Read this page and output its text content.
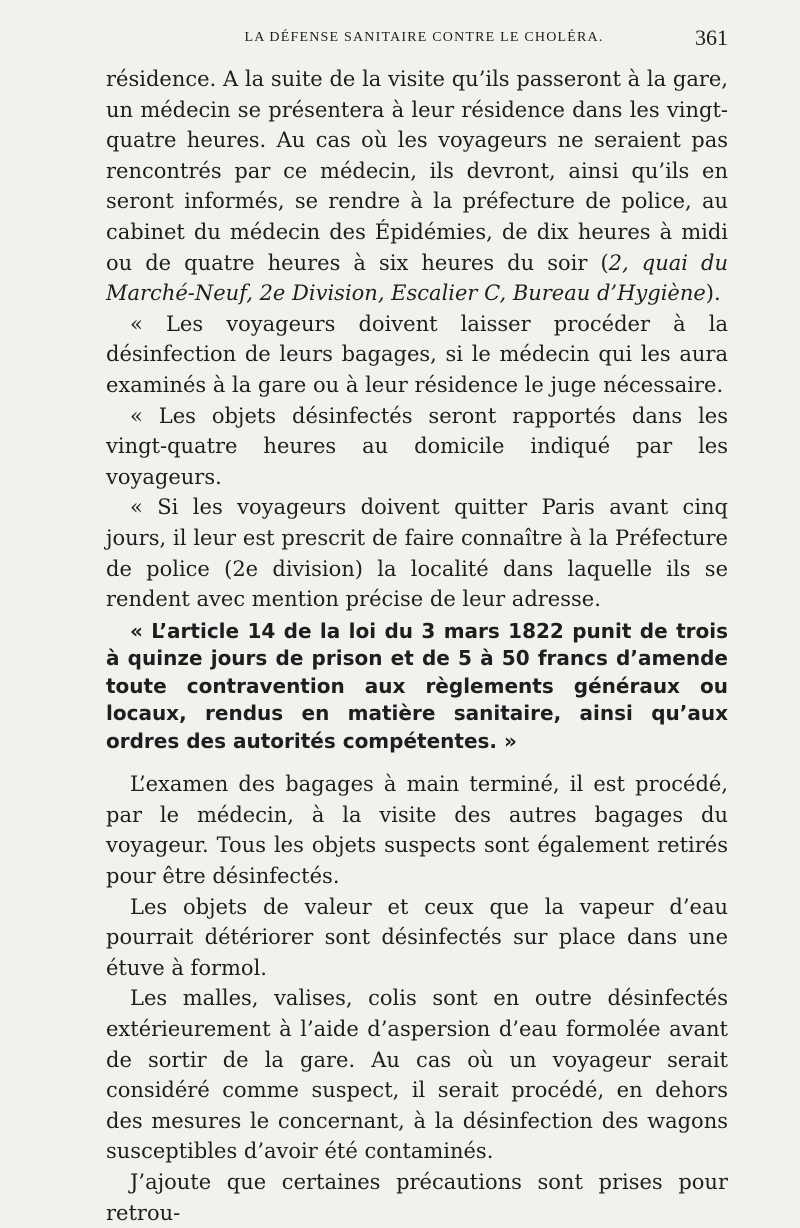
LA DÉFENSE SANITAIRE CONTRE LE CHOLÉRA.	361

résidence. A la suite de la visite qu’ils passeront à la gare, un médecin se présentera à leur résidence dans les vingt-quatre heures. Au cas où les voyageurs ne seraient pas rencontrés par ce médecin, ils devront, ainsi qu’ils en seront informés, se rendre à la préfecture de police, au cabinet du médecin des Épidémies, de dix heures à midi ou de quatre heures à six heures du soir (2, quai du Marché-Neuf, 2e Division, Escalier C, Bureau d’Hygiène).

« Les voyageurs doivent laisser procéder à la désinfection de leurs bagages, si le médecin qui les aura examinés à la gare ou à leur résidence le juge nécessaire.

« Les objets désinfectés seront rapportés dans les vingt-quatre heures au domicile indiqué par les voyageurs.

« Si les voyageurs doivent quitter Paris avant cinq jours, il leur est prescrit de faire connaître à la Préfecture de police (2e division) la localité dans laquelle ils se rendent avec mention précise de leur adresse.

« L’article 14 de la loi du 3 mars 1822 punit de trois à quinze jours de prison et de 5 à 50 francs d’amende toute contravention aux règlements généraux ou locaux, rendus en matière sanitaire, ainsi qu’aux ordres des autorités compétentes. »

L’examen des bagages à main terminé, il est procédé, par le médecin, à la visite des autres bagages du voyageur. Tous les objets suspects sont également retirés pour être désinfectés.

Les objets de valeur et ceux que la vapeur d’eau pourrait détériorer sont désinfectés sur place dans une étuve à formol.

Les malles, valises, colis sont en outre désinfectés extérieurement à l’aide d’aspersion d’eau formolée avant de sortir de la gare. Au cas où un voyageur serait considéré comme suspect, il serait procédé, en dehors des mesures le concernant, à la désinfection des wagons susceptibles d’avoir été contaminés.

J’ajoute que certaines précautions sont prises pour retrou-
